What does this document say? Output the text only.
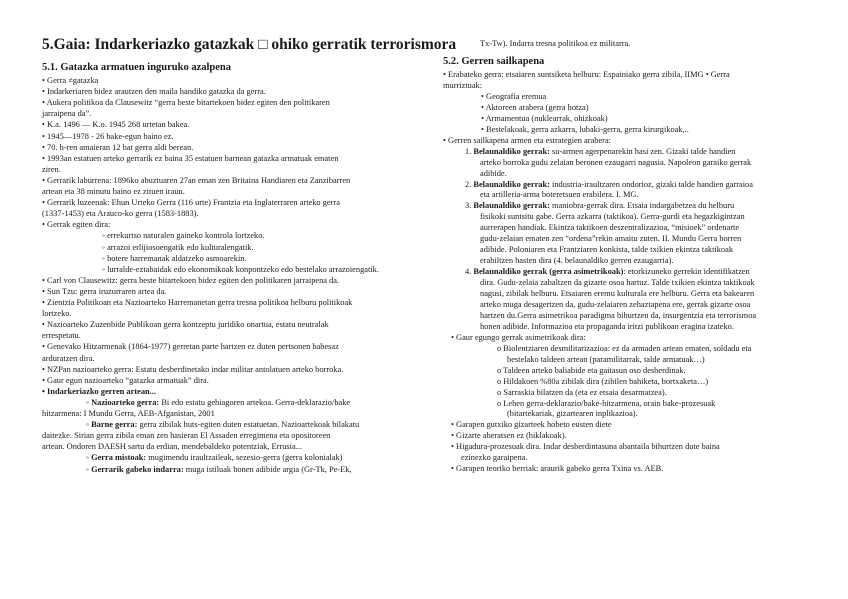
5.Gaia: Indarkeriazko gatazkak □ ohiko gerratik terrorismora
5.1. Gatazka armatuen inguruko azalpena
• Gerra ≠gatazka
• Indarkeriaren bidez arautzen den maila handiko gatazka da gerra.
• Aukera politikoa da Clausewitz “gerra beste bitartekoen bidez egiten den politikaren
jarraipena da”.
• K.a. 1496 — K.o. 1945 268 urtetan bakea.
• 1945—1978 - 26 bake-egun baino ez.
• 70. h-ren amaieran 12 bat gerra aldi berean.
• 1993an estatuen arteko gerrarik ez baina 35 estatuen barnean gatazka armatuak ematen
ziren.
• Gerrarik laburrena: 1896ko abuztuaren 27an eman zen Britaina Handiaren eta Zanzibarren
artean eta 38 minutu baino ez zituen iraun.
• Gerrarik luzeenak: Ehun Urteko Gerra (116 urte) Frantzia eta Inglaterraren arteko gerra
(1337-1453) eta Arauco-ko gerra (1583-1883).
• Gerrak egiten dira:
◦ errekurtso naturalen gaineko kontrola lortzeko.
◦ arrazoi erlijiosoengatik edo kulturalengatik.
◦ botere harremanak aldatzeko asmoarekin.
◦ lurralde-eztabaidak edo ekonomikoak konpontzeko edo bestelako arrazoiengatik.
• Carl von Clausewitz: gerra beste bitartekoen bidez egiten den politikaren jarraipena da.
• Sun Tzu: gerra iruzurraren artea da.
• Zientzia Politikoan eta Nazioarteko Harremanetan gerra tresna politikoa helburu politikoak
lortzeko.
• Nazioarteko Zuzenbide Publikoan gerra kontzeptu juridiko onartua, estatu neutralak
errespetatu.
• Genevako Hitzarmenak (1864-1977) gerretan parte hartzen ez duten pertsonen babesaz
arduratzen dira.
• NZPan nazioarteko gerra: Estatu desberdinetako indar militar antolatuen arteko borroka.
• Gaur egun nazioarteko “gatazka armatuak” dira.
• Indarkeriazko gerren artean...
◦ Nazioarteko gerra: Bi edo estatu gehiagoren artekoa. Gerra-deklarazio/bake
hitzarmena: I Mundu Gerra, AEB-Afganistan, 2001
◦ Barne gerra: gerra zibilak huts-egiten duten estatuetan. Nazioartekoak bilakatu
daitezke. Sirian gerra zibila eman zen hasieran El Assaden erregimena eta opositoreen
artean. Ondoren DAESH sartu da erdian, mendebaldeko potentziak, Errusia...
◦ Gerra mistoak: mugimendu iraultzaileak, sezesio-gerra (gerra kolonialak)
◦ Gerrarik gabeko indarra: muga istiluak honen adibide argia (Gr-Tk, Pe-Ek,
Tx-Tw). Indarra tresna politikoa ez militarra.
5.2. Gerren sailkapena
• Erabateko gerra: etsaiaren suntsiketa helburu: Espainiako gerra zibila, IIMG • Gerra
murriztuak:
• Geografia eremua
• Aktoreen arabera (gerra hotza)
• Armamentua (nuklearrak, ohizkoak)
• Bestelakoak, gerra azkarra, lubaki-gerra, gerra kirurgikoak,..
• Gerren sailkapena armen eta estrategien arabera:
1. Belaunaldiko gerrak: su-armen agerpenarekin hasi zen. Gizaki talde handien
arteko borroka gudu zelaian beronen ezaugarri nagusia. Napoleon garaiko gerrak
adibide.
2. Belaunaldiko gerrak: industria-iraultzaren ondorioz, gizaki talde handien garraioa
eta artilleria-arma boteretsuen erabilera. I. MG.
3. Belaunaldiko gerrak: maniobra-gerrak dira. Etsaia indargabetzea du helburu
fisikoki suntsitu gabe. Gerra azkarra (taktikoa). Gerra-gurdi eta hegazkigintzan
aurrerapen handiak. Ekintza taktikoen deszentralizazioa, “misioek” ordenarte
gudu-zelaian ematen zen “ordena”rekin amaitu zuten. II. Mundu Gerra horren
adibide. Poloniaren eta Frantziaren konkista, talde txikien ekintza taktikoak
erabiltzen hasten dira (4. belaunaldiko gerren ezaugarria).
4. Belaunaldiko gerrak (gerra asimetrikoak): etorkizuneko gerrekin identifikatzen
dira. Gudu-zelaia zabaltzen da gizarte osoa hartuz. Talde txikien ekintza taktikoak
nagusi, zibilak helburu. Etsaiaren eremu kulturala ere helburu. Gerra eta bakearen
arteko muga desagertzen da, gudu-zelaiaren zehaztapena ere, gerrak gizarte osoa
hartzen du.Gerra asimetrikoa paradigma bihurtzen da, insurgentzia eta terrorismoa
honen adibide. Informazioa eta propaganda iritzi publikoan eragina izateko.
• Gaur egungo gerrak asimetrikoak dira:
o Biolentziaren desmilitarizazioa: ez da armaden artean ematen, soldadu eta
bestelako taldeen artean (paramilitarrak, talde armatuak…)
o Taldeen arteko baliabide eta gaitasun oso desberdinak.
o Hildakoen %80a zibilak dira (zibilen bahiketa, bortxaketa…)
o Sarraskia bilatzen da (eta ez etsaia desarmatzea).
o Lehen gerra-deklarazio/bake-hitzarmena, orain bake-prozesuak
(bitartekariak, gizartearen inplikazioa).
• Garapen gutxiko gizarteek hobeto eusten diete
• Gizarte aberatsen ez (hiklakoak).
• Higadura-prozesuak dira. Indar desberdintasuna abantaila bihurtzen dute baina
ezinezko garaipena.
• Garapen teoriko berriak: araurik gabeko gerra Txina vs. AEB.
